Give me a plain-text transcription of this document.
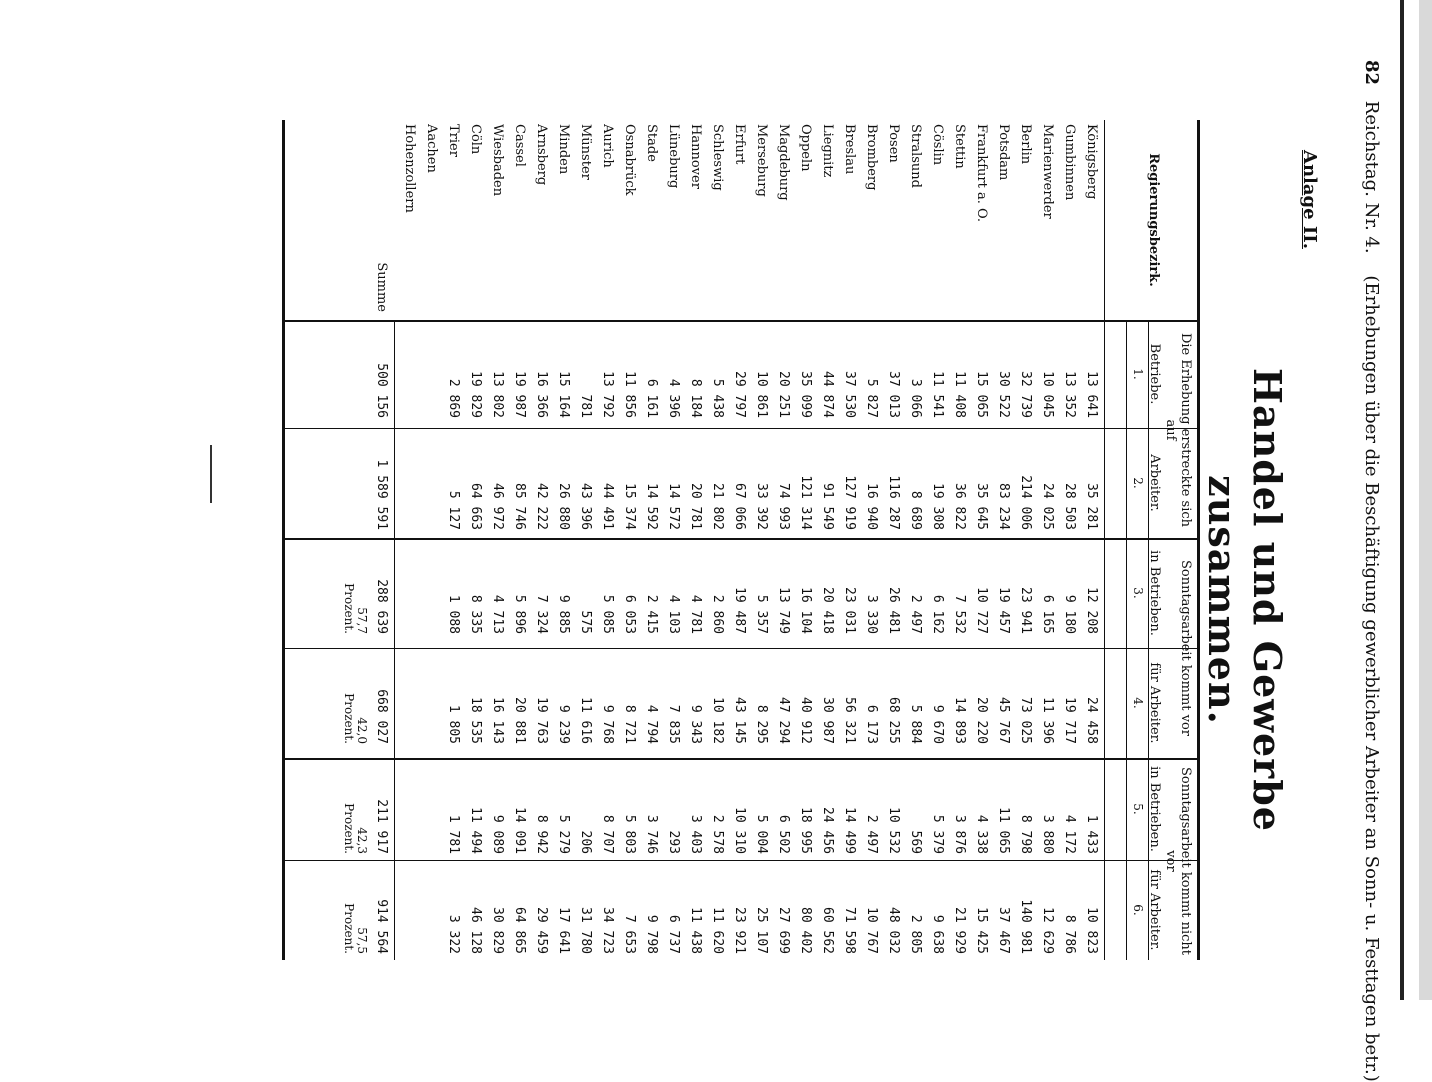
82 Reichstag. Nr. 4. (Erhebungen über die Beschäftigung gewerblicher Arbeiter an Sonn- u. Festtagen betr.)
Anlage II.
Handel und Gewerbe zusammen.
Regierungsbezirk.
Die Erhebung erstreckte sich auf
Sonntagsarbeit kommt vor
Sonntagsarbeit kommt nicht vor
Betriebe.
Arbeiter.
in Betrieben.
für Arbeiter.
in Betrieben.
für Arbeiter.
1.
2.
3.
4.
5.
6.
Königsberg
13 641
35 281
12 208
24 458
1 433
10 823
Gumbinnen
13 352
28 503
9 180
19 717
4 172
8 786
Marienwerder
10 045
24 025
6 165
11 396
3 880
12 629
Berlin
32 739
214 006
23 941
73 025
8 798
140 981
Potsdam
30 522
83 234
19 457
45 767
11 065
37 467
Frankfurt a. O.
15 065
35 645
10 727
20 220
4 338
15 425
Stettin
11 408
36 822
7 532
14 893
3 876
21 929
Cöslin
11 541
19 308
6 162
9 670
5 379
9 638
Stralsund
3 066
8 689
2 497
5 884
569
2 805
Posen
37 013
116 287
26 481
68 255
10 532
48 032
Bromberg
5 827
16 940
3 330
6 173
2 497
10 767
Breslau
37 530
127 919
23 031
56 321
14 499
71 598
Liegnitz
44 874
91 549
20 418
30 987
24 456
60 562
Oppeln
35 099
121 314
16 104
40 912
18 995
80 402
Magdeburg
20 251
74 993
13 749
47 294
6 502
27 699
Merseburg
10 861
33 392
5 357
8 295
5 004
25 107
Erfurt
29 797
67 066
19 487
43 145
10 310
23 921
Schleswig
5 438
21 802
2 860
10 182
2 578
11 620
Hannover
8 184
20 781
4 781
9 343
3 403
11 438
Lüneburg
4 396
14 572
4 103
7 835
293
6 737
Stade
6 161
14 592
2 415
4 794
3 746
9 798
Osnabrück
11 856
15 374
6 053
8 721
5 803
7 653
Aurich
13 792
44 491
5 085
9 768
8 707
34 723
Münster
781
43 396
575
11 616
206
31 780
Minden
15 164
26 880
9 885
9 239
5 279
17 641
Arnsberg
16 366
42 222
7 324
19 763
8 942
29 459
Cassel
19 987
85 746
5 896
20 881
14 091
64 865
Wiesbaden
13 802
46 972
4 713
16 143
9 089
30 829
Cöln
19 829
64 663
8 335
18 535
11 494
46 128
Trier
2 869
5 127
1 088
1 805
1 781
3 322
Aachen
Hohenzollern
Summe
500 156
1 589 591
288 639
668 027
211 917
914 564
57,7
Prozent.
42,0
Prozent.
42,3
Prozent.
57,5
Prozent.
